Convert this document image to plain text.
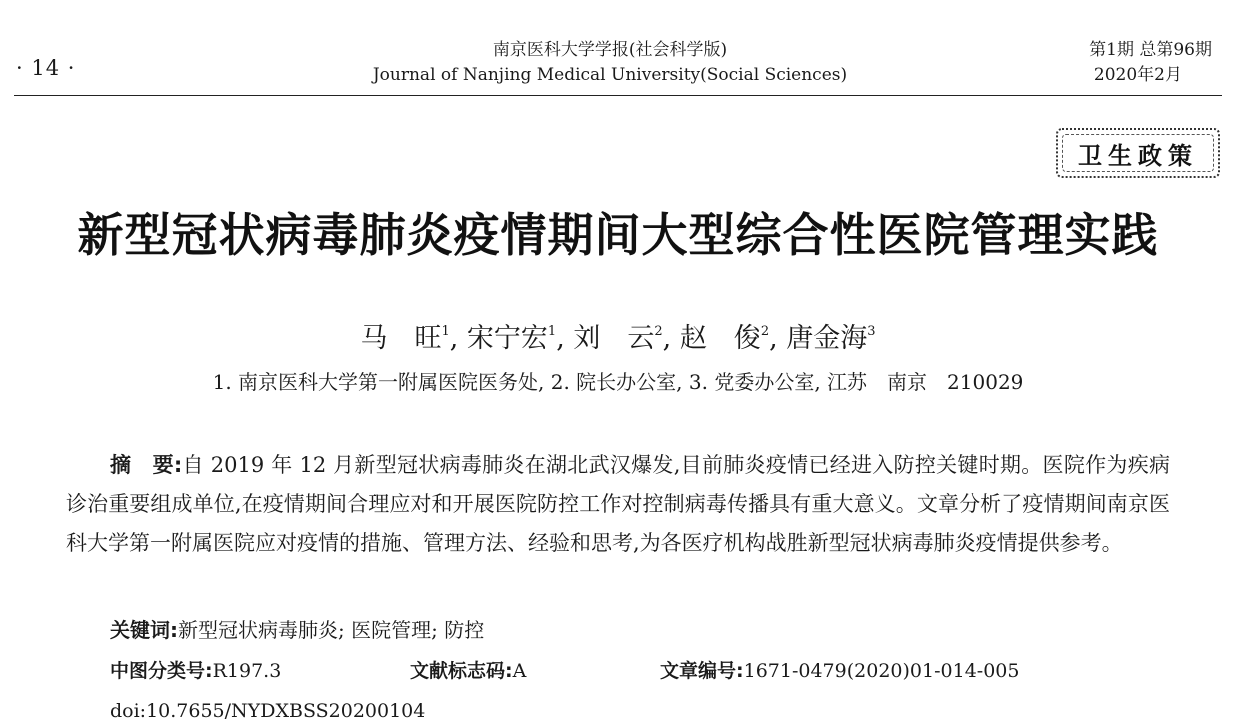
· 14 ·
南京医科大学学报(社会科学版)
Journal of Nanjing Medical University(Social Sciences)
第1期 总第96期
2020年2月
卫生政策
新型冠状病毒肺炎疫情期间大型综合性医院管理实践
马　旺$^1$, 宋宁宏$^1$, 刘　云$^2$, 赵　俊$^2$, 唐金海$^3$
1. 南京医科大学第一附属医院医务处, 2. 院长办公室, 3. 党委办公室, 江苏　南京　210029

摘　要:自 2019 年 12 月新型冠状病毒肺炎在湖北武汉爆发,目前肺炎疫情已经进入防控关键时期。医院作为疾病诊治重要组成单位,在疫情期间合理应对和开展医院防控工作对控制病毒传播具有重大意义。文章分析了疫情期间南京医科大学第一附属医院应对疫情的措施、管理方法、经验和思考,为各医疗机构战胜新型冠状病毒肺炎疫情提供参考。

关键词:新型冠状病毒肺炎; 医院管理; 防控
中图分类号:R197.3	文献标志码:A	文章编号:1671-0479(2020)01-014-005
doi:10.7655/NYDXBSS20200104
